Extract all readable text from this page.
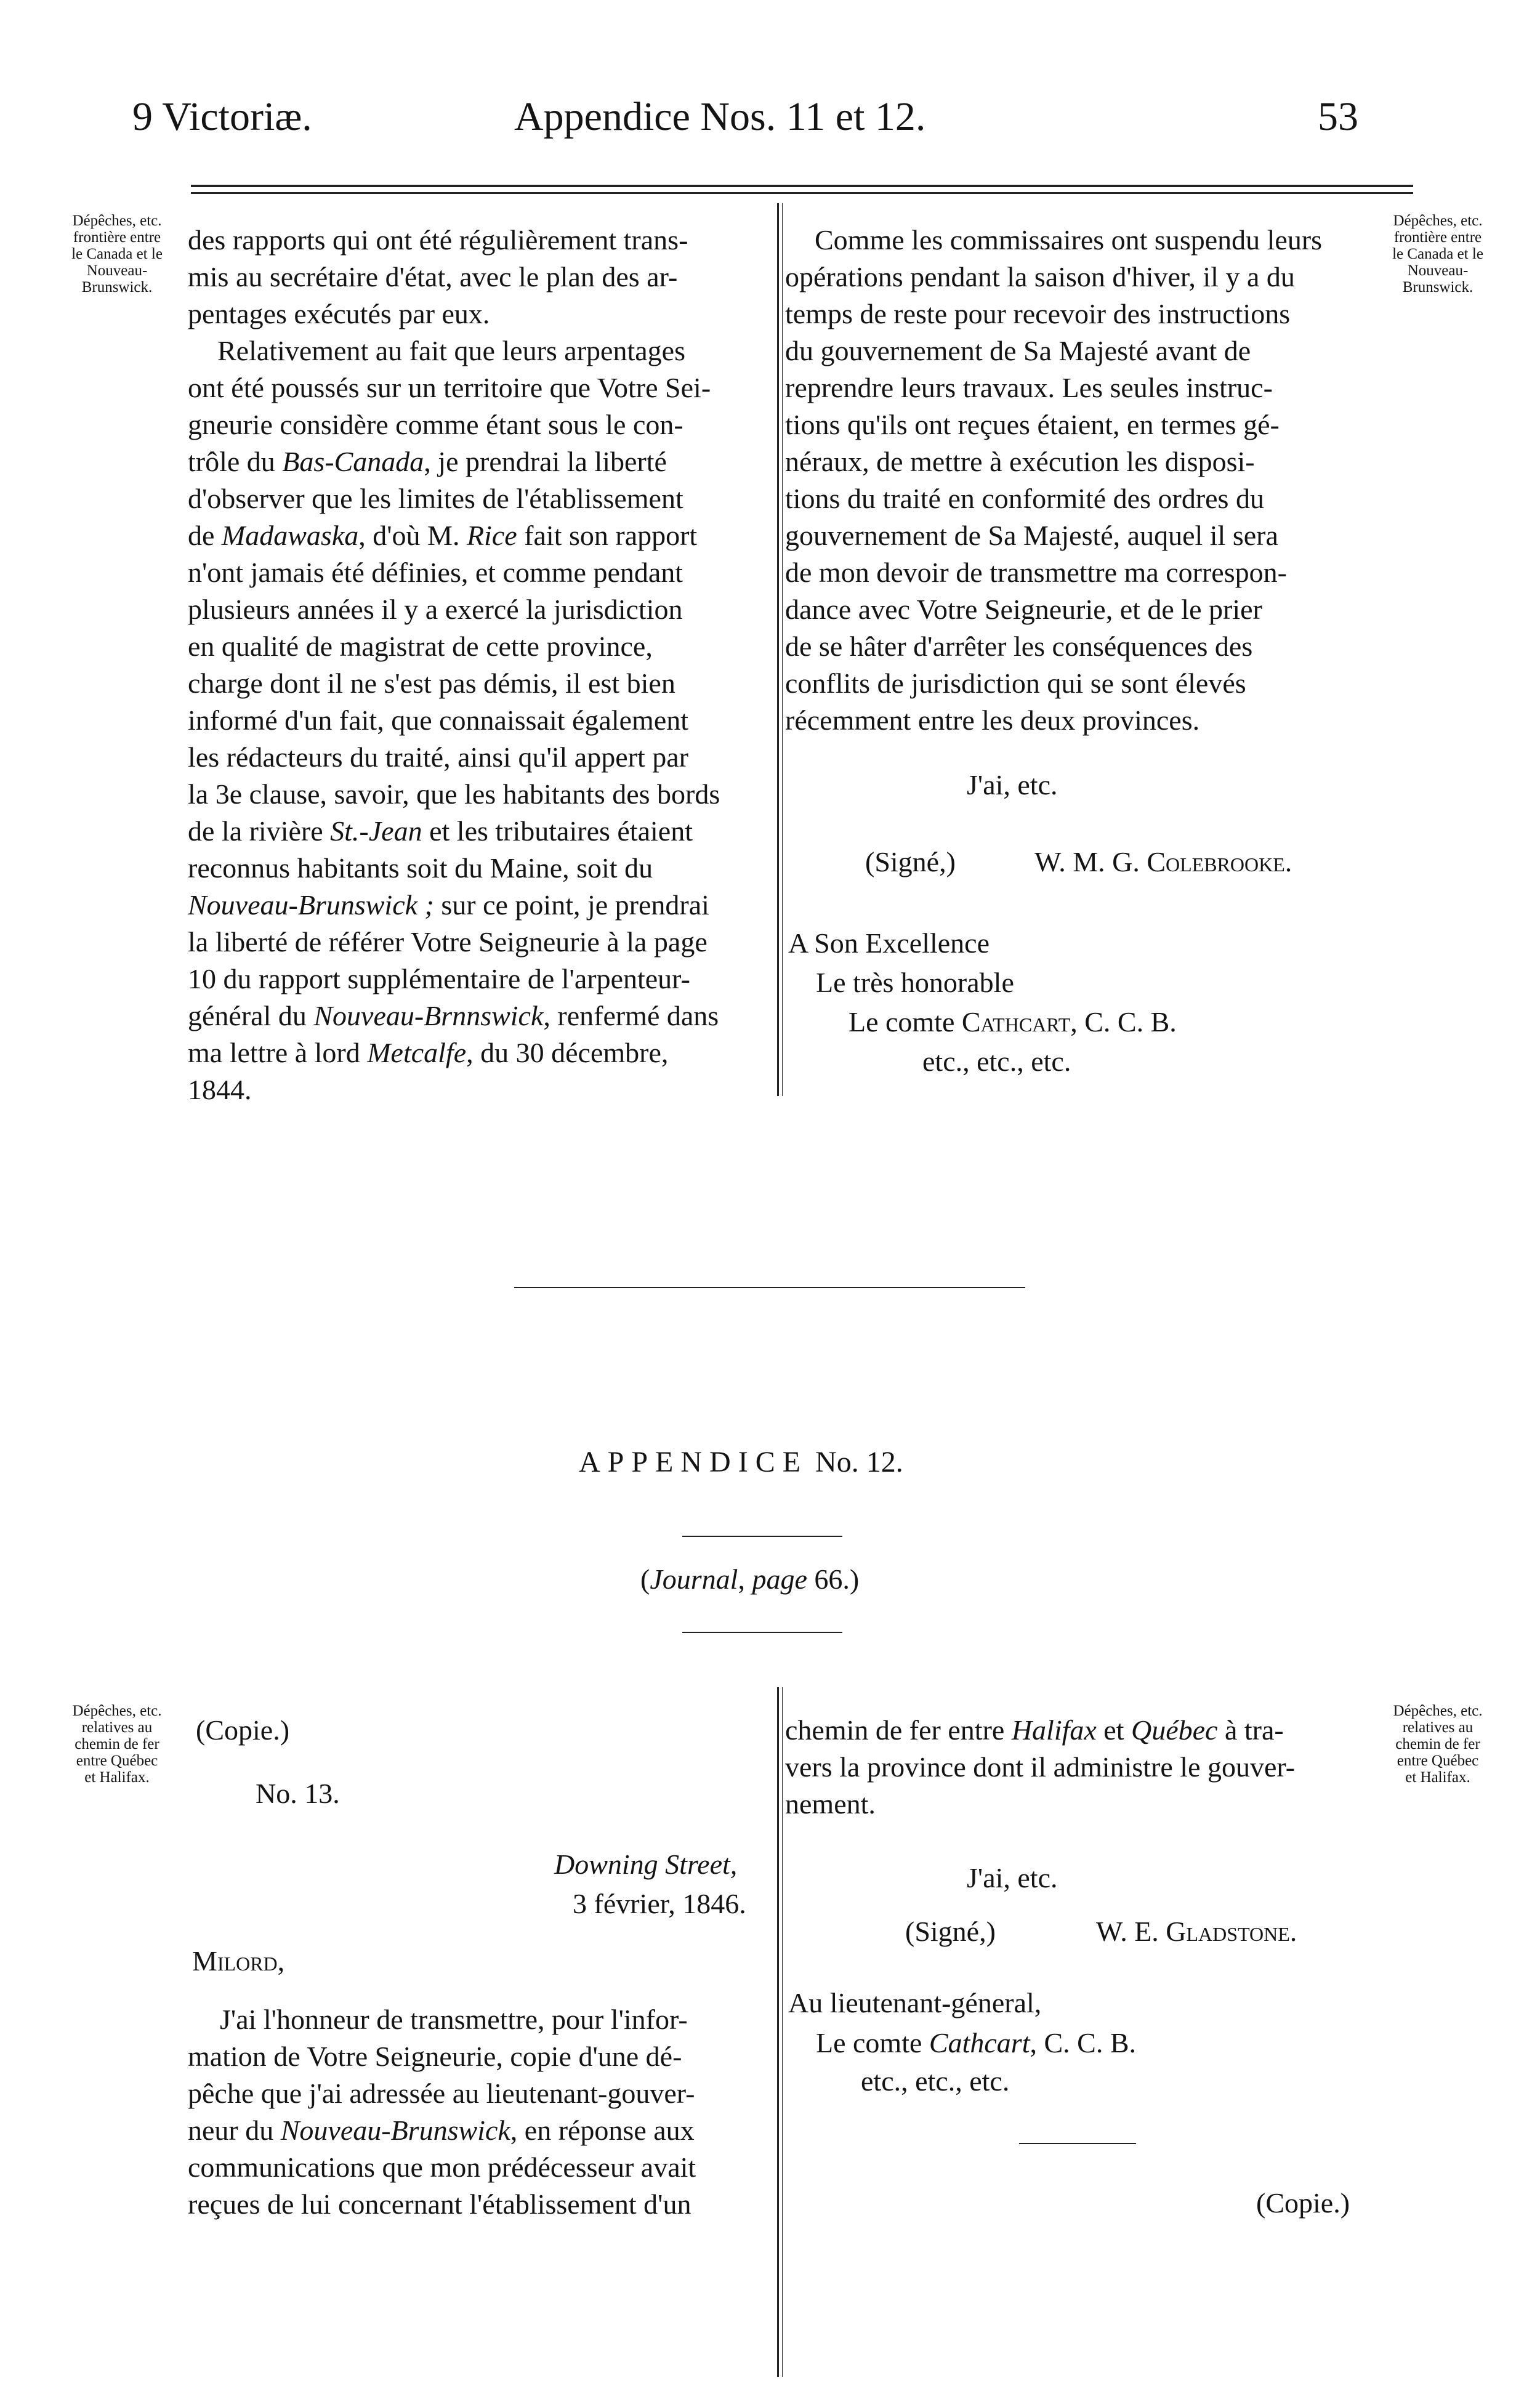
9 Victoriæ.	Appendice Nos. 11 et 12.	53
Dépêches, etc.
frontière entre
le Canada et le
Nouveau-
Brunswick.
Dépêches, etc.
frontière entre
le Canada et le
Nouveau-
Brunswick.
des rapports qui ont été régulièrement trans-
mis au secrétaire d'état, avec le plan des ar-
pentages exécutés par eux.
Relativement au fait que leurs arpentages
ont été poussés sur un territoire que Votre Sei-
gneurie considère comme étant sous le con-
trôle du Bas-Canada, je prendrai la liberté
d'observer que les limites de l'établissement
de Madawaska, d'où M. Rice fait son rapport
n'ont jamais été définies, et comme pendant
plusieurs années il y a exercé la jurisdiction
en qualité de magistrat de cette province,
charge dont il ne s'est pas démis, il est bien
informé d'un fait, que connaissait également
les rédacteurs du traité, ainsi qu'il appert par
la 3e clause, savoir, que les habitants des bords
de la rivière St.-Jean et les tributaires étaient
reconnus habitants soit du Maine, soit du
Nouveau-Brunswick ; sur ce point, je prendrai
la liberté de référer Votre Seigneurie à la page
10 du rapport supplémentaire de l'arpenteur-
général du Nouveau-Brnnswick, renfermé dans
ma lettre à lord Metcalfe, du 30 décembre,
1844.
Comme les commissaires ont suspendu leurs
opérations pendant la saison d'hiver, il y a du
temps de reste pour recevoir des instructions
du gouvernement de Sa Majesté avant de
reprendre leurs travaux. Les seules instruc-
tions qu'ils ont reçues étaient, en termes gé-
néraux, de mettre à exécution les disposi-
tions du traité en conformité des ordres du
gouvernement de Sa Majesté, auquel il sera
de mon devoir de transmettre ma correspon-
dance avec Votre Seigneurie, et de le prier
de se hâter d'arrêter les conséquences des
conflits de jurisdiction qui se sont élevés
récemment entre les deux provinces.
J'ai, etc.
(Signé,)	W. M. G. Colebrooke.
A Son Excellence
Le très honorable
Le comte Cathcart, C. C. B.
etc., etc., etc.
APPENDICE No. 12.
(Journal, page 66.)
Dépêches, etc.
relatives au
chemin de fer
entre Québec
et Halifax.
Dépêches, etc.
relatives au
chemin de fer
entre Québec
et Halifax.
(Copie.)
No. 13.
Downing Street,
3 février, 1846.
Milord,
J'ai l'honneur de transmettre, pour l'infor-
mation de Votre Seigneurie, copie d'une dé-
pêche que j'ai adressée au lieutenant-gouver-
neur du Nouveau-Brunswick, en réponse aux
communications que mon prédécesseur avait
reçues de lui concernant l'établissement d'un
chemin de fer entre Halifax et Québec à tra-
vers la province dont il administre le gouver-
nement.
J'ai, etc.
(Signé,)	W. E. Gladstone.
Au lieutenant-géneral,
Le comte Cathcart, C. C. B.
etc., etc., etc.
(Copie.)
